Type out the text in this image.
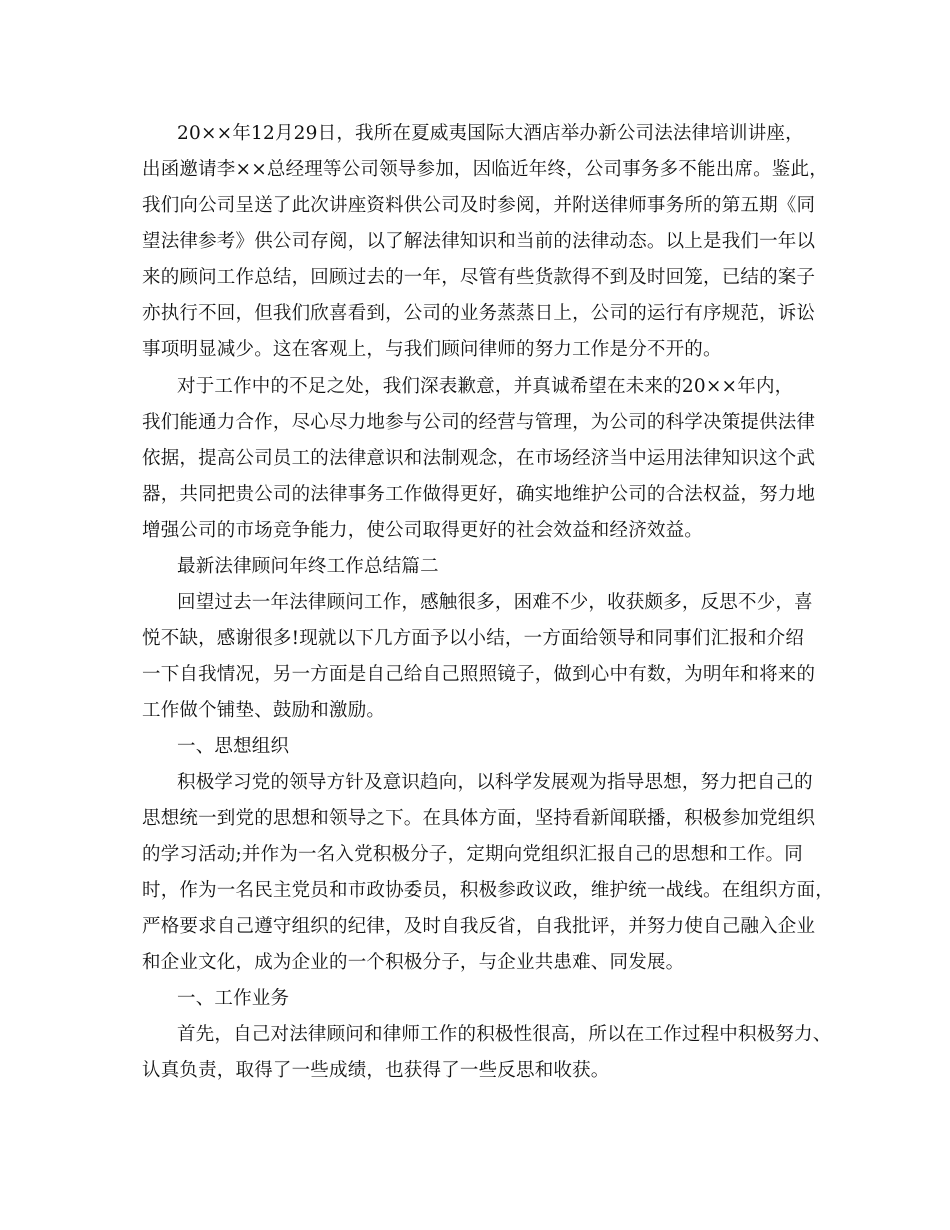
20××年12月29日，我所在夏威夷国际大酒店举办新公司法法律培训讲座，
出函邀请李××总经理等公司领导参加，因临近年终，公司事务多不能出席。鉴此，
我们向公司呈送了此次讲座资料供公司及时参阅，并附送律师事务所的第五期《同
望法律参考》供公司存阅，以了解法律知识和当前的法律动态。以上是我们一年以
来的顾问工作总结，回顾过去的一年，尽管有些货款得不到及时回笼，已结的案子
亦执行不回，但我们欣喜看到，公司的业务蒸蒸日上，公司的运行有序规范，诉讼
事项明显减少。这在客观上，与我们顾问律师的努力工作是分不开的。
对于工作中的不足之处，我们深表歉意，并真诚希望在未来的20××年内，
我们能通力合作，尽心尽力地参与公司的经营与管理，为公司的科学决策提供法律
依据，提高公司员工的法律意识和法制观念，在市场经济当中运用法律知识这个武
器，共同把贵公司的法律事务工作做得更好，确实地维护公司的合法权益，努力地
增强公司的市场竞争能力，使公司取得更好的社会效益和经济效益。
最新法律顾问年终工作总结篇二
回望过去一年法律顾问工作，感触很多，困难不少，收获颇多，反思不少，喜
悦不缺，感谢很多!现就以下几方面予以小结，一方面给领导和同事们汇报和介绍
一下自我情况，另一方面是自己给自己照照镜子，做到心中有数，为明年和将来的
工作做个铺垫、鼓励和激励。
一、思想组织
积极学习党的领导方针及意识趋向，以科学发展观为指导思想，努力把自己的
思想统一到党的思想和领导之下。在具体方面，坚持看新闻联播，积极参加党组织
的学习活动;并作为一名入党积极分子，定期向党组织汇报自己的思想和工作。同
时，作为一名民主党员和市政协委员，积极参政议政，维护统一战线。在组织方面，
严格要求自己遵守组织的纪律，及时自我反省，自我批评，并努力使自己融入企业
和企业文化，成为企业的一个积极分子，与企业共患难、同发展。
一、工作业务
首先，自己对法律顾问和律师工作的积极性很高，所以在工作过程中积极努力、
认真负责，取得了一些成绩，也获得了一些反思和收获。
